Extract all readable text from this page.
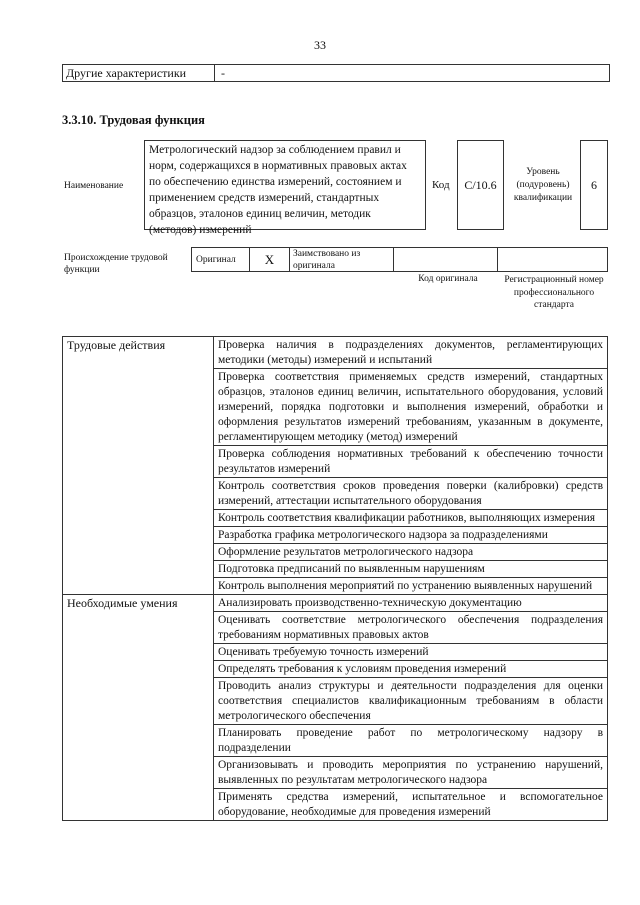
33
Другие характеристики	-
3.3.10. Трудовая функция
Наименование
Метрологический надзор за соблюдением правил и норм, содержащихся в нормативных правовых актах по обеспечению единства измерений, состоянием и применением средств измерений, стандартных образцов, эталонов единиц величин, методик (методов) измерений
Код	C/10.6
Уровень (подуровень) квалификации
6
Происхождение трудовой функции
Оригинал	X	Заимствовано из оригинала
Код оригинала	Регистрационный номер профессионального стандарта
Трудовые действия	Проверка наличия в подразделениях документов, регламентирующих методики (методы) измерений и испытаний
Проверка соответствия применяемых средств измерений, стандартных образцов, эталонов единиц величин, испытательного оборудования, условий измерений, порядка подготовки и выполнения измерений, обработки и оформления результатов измерений требованиям, указанным в документе, регламентирующем методику (метод) измерений
Проверка соблюдения нормативных требований к обеспечению точности результатов измерений
Контроль соответствия сроков проведения поверки (калибровки) средств измерений, аттестации испытательного оборудования
Контроль соответствия квалификации работников, выполняющих измерения
Разработка графика метрологического надзора за подразделениями
Оформление результатов метрологического надзора
Подготовка предписаний по выявленным нарушениям
Контроль выполнения мероприятий по устранению выявленных нарушений
Необходимые умения	Анализировать производственно-техническую документацию
Оценивать соответствие метрологического обеспечения подразделения требованиям нормативных правовых актов
Оценивать требуемую точность измерений
Определять требования к условиям проведения измерений
Проводить анализ структуры и деятельности подразделения для оценки соответствия специалистов квалификационным требованиям в области метрологического обеспечения
Планировать проведение работ по метрологическому надзору в подразделении
Организовывать и проводить мероприятия по устранению нарушений, выявленных по результатам метрологического надзора
Применять средства измерений, испытательное и вспомогательное оборудование, необходимые для проведения измерений
